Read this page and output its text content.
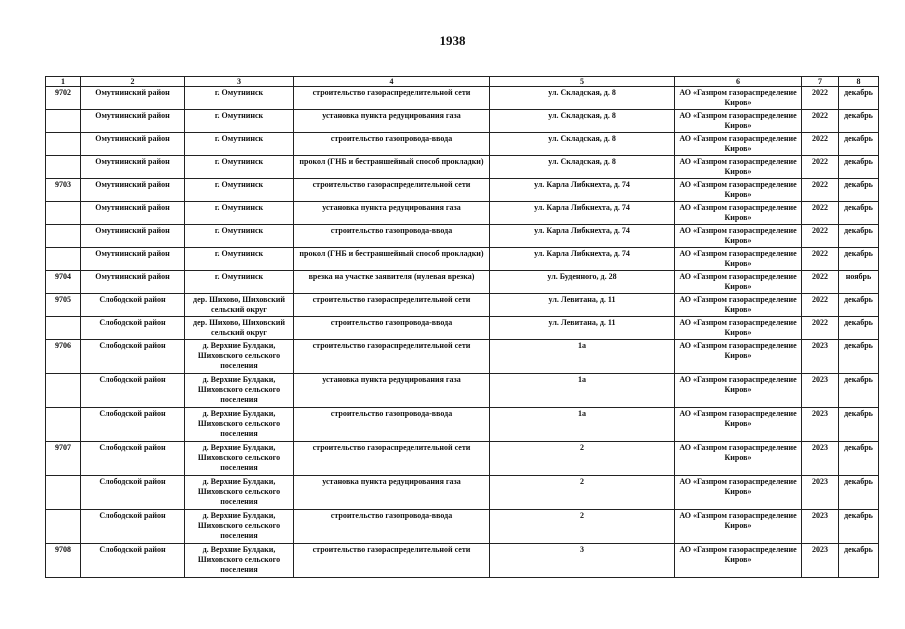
1938
1	2	3	4	5	6	7	8
9702	Омутнинский район	г. Омутнинск	строительство газораспределительной сети	ул. Складская, д. 8	АО «Газпром газораспределение Киров»	2022	декабрь
	Омутнинский район	г. Омутнинск	установка пункта редуцирования газа	ул. Складская, д. 8	АО «Газпром газораспределение Киров»	2022	декабрь
	Омутнинский район	г. Омутнинск	строительство газопровода-ввода	ул. Складская, д. 8	АО «Газпром газораспределение Киров»	2022	декабрь
	Омутнинский район	г. Омутнинск	прокол (ГНБ и бестраншейный способ прокладки)	ул. Складская, д. 8	АО «Газпром газораспределение Киров»	2022	декабрь
9703	Омутнинский район	г. Омутнинск	строительство газораспределительной сети	ул. Карла Либкнехта, д. 74	АО «Газпром газораспределение Киров»	2022	декабрь
	Омутнинский район	г. Омутнинск	установка пункта редуцирования газа	ул. Карла Либкнехта, д. 74	АО «Газпром газораспределение Киров»	2022	декабрь
	Омутнинский район	г. Омутнинск	строительство газопровода-ввода	ул. Карла Либкнехта, д. 74	АО «Газпром газораспределение Киров»	2022	декабрь
	Омутнинский район	г. Омутнинск	прокол (ГНБ и бестраншейный способ прокладки)	ул. Карла Либкнехта, д. 74	АО «Газпром газораспределение Киров»	2022	декабрь
9704	Омутнинский район	г. Омутнинск	врезка на участке заявителя (нулевая врезка)	ул. Буденного, д. 28	АО «Газпром газораспределение Киров»	2022	ноябрь
9705	Слободской район	дер. Шихово, Шиховский сельский округ	строительство газораспределительной сети	ул. Левитана, д. 11	АО «Газпром газораспределение Киров»	2022	декабрь
	Слободской район	дер. Шихово, Шиховский сельский округ	строительство газопровода-ввода	ул. Левитана, д. 11	АО «Газпром газораспределение Киров»	2022	декабрь
9706	Слободской район	д. Верхние Булдаки, Шиховского сельского поселения	строительство газораспределительной сети	1а	АО «Газпром газораспределение Киров»	2023	декабрь
	Слободской район	д. Верхние Булдаки, Шиховского сельского поселения	установка пункта редуцирования газа	1а	АО «Газпром газораспределение Киров»	2023	декабрь
	Слободской район	д. Верхние Булдаки, Шиховского сельского поселения	строительство газопровода-ввода	1а	АО «Газпром газораспределение Киров»	2023	декабрь
9707	Слободской район	д. Верхние Булдаки, Шиховского сельского поселения	строительство газораспределительной сети	2	АО «Газпром газораспределение Киров»	2023	декабрь
	Слободской район	д. Верхние Булдаки, Шиховского сельского поселения	установка пункта редуцирования газа	2	АО «Газпром газораспределение Киров»	2023	декабрь
	Слободской район	д. Верхние Булдаки, Шиховского сельского поселения	строительство газопровода-ввода	2	АО «Газпром газораспределение Киров»	2023	декабрь
9708	Слободской район	д. Верхние Булдаки, Шиховского сельского поселения	строительство газораспределительной сети	3	АО «Газпром газораспределение Киров»	2023	декабрь
